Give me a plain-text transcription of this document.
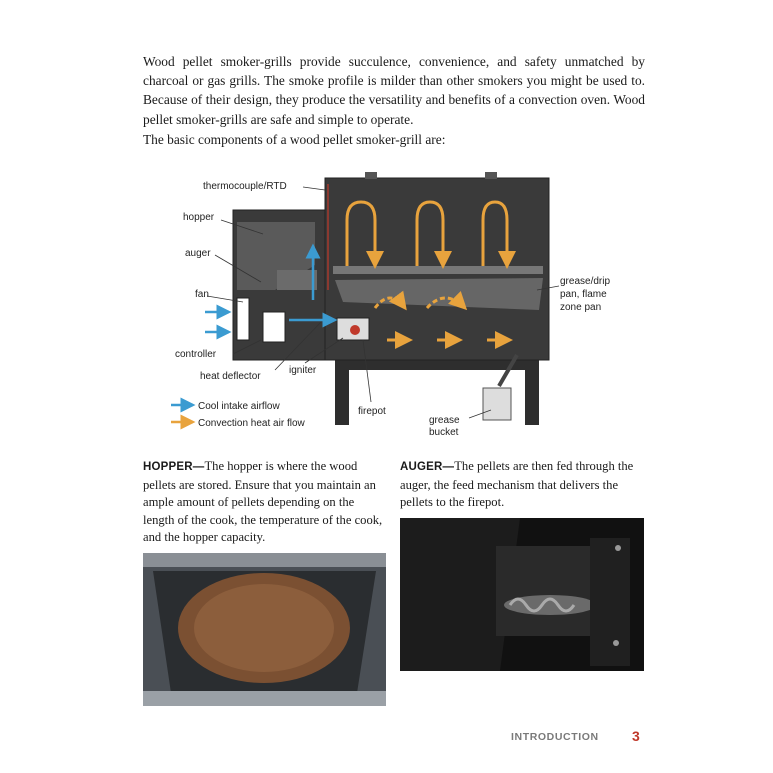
Wood pellet smoker-grills provide succulence, convenience, and safety unmatched by charcoal or gas grills. The smoke profile is milder than other smokers you might be used to. Because of their design, they produce the versatility and benefits of a convection oven. Wood pellet smoker-grills are safe and simple to operate.

The basic components of a wood pellet smoker-grill are:

thermocouple/RTD
hopper
auger
fan
controller
heat deflector
igniter
firepot
grease/drip
pan, flame
zone pan
grease
bucket
Cool intake airflow
Convection heat air flow

HOPPER—The hopper is where the wood pellets are stored. Ensure that you maintain an ample amount of pellets depending on the length of the cook, the temperature of the cook, and the hopper capacity.

AUGER—The pellets are then fed through the auger, the feed mechanism that delivers the pellets to the firepot.

INTRODUCTION 3
